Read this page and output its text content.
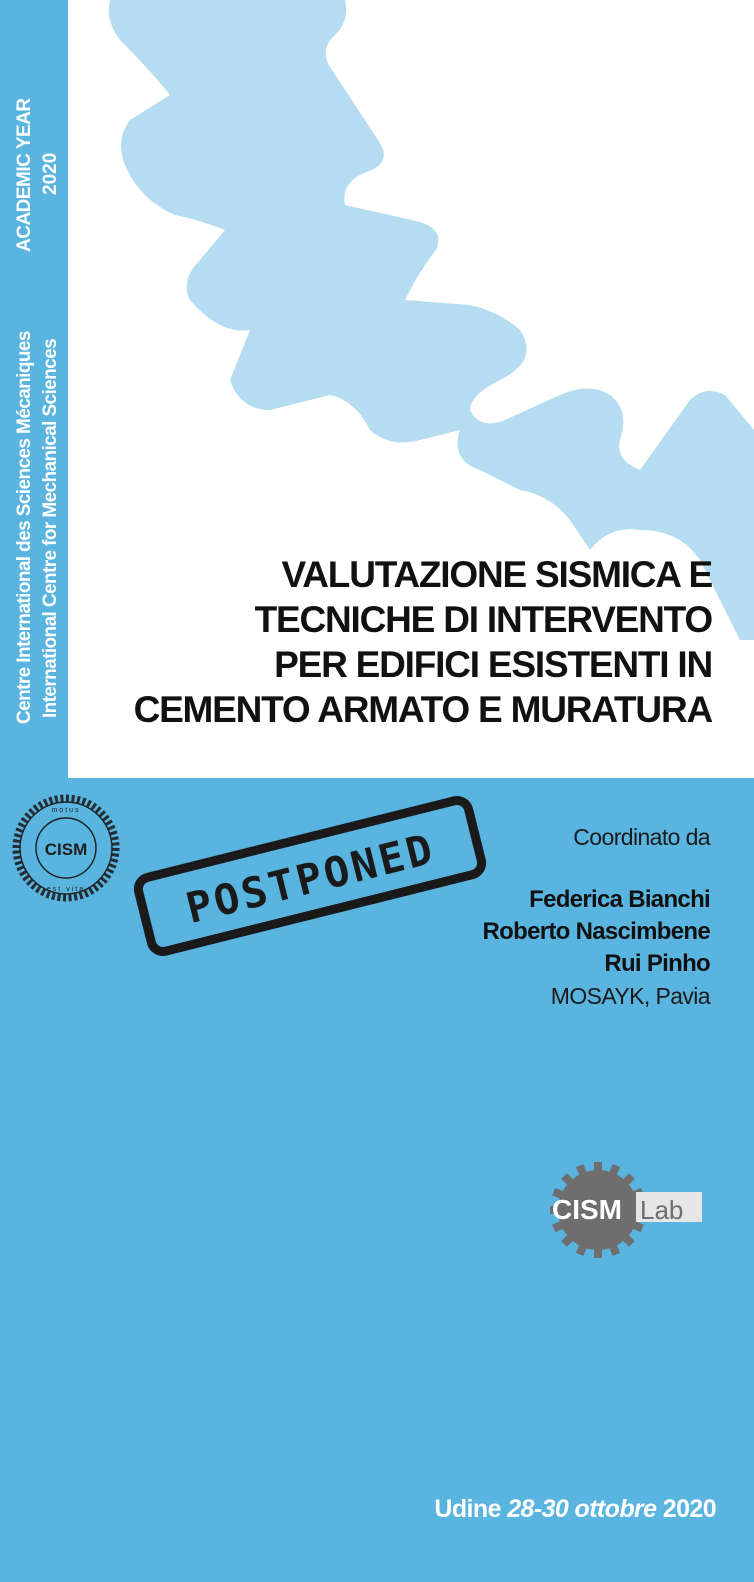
ACADEMIC YEAR 2020
Centre International des Sciences Mécaniques International Centre for Mechanical Sciences	VALUTAZIONE SISMICA E
TECNICHE DI INTERVENTO
PER EDIFICI ESISTENTI IN
CEMENTO ARMATO E MURATURA
CISM
motus
est vita POSTPONED	Coordinato da
Federica Bianchi
Roberto Nascimbene
Rui Pinho
MOSAYK, Pavia
CISM Lab
Udine 28-30 ottobre 2020
